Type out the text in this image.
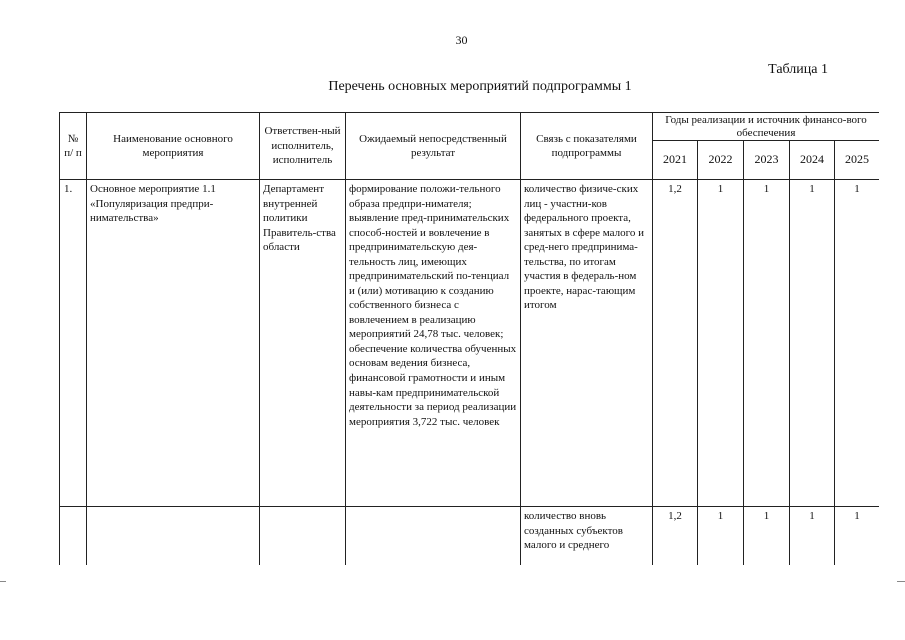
30
Таблица 1
Перечень основных мероприятий подпрограммы 1
№ п/ п	Наименование основного мероприятия	Ответствен-ный исполнитель, исполнитель	Ожидаемый непосредственный результат	Связь с показателями подпрограммы	Годы реализации и источник финансо-вого обеспечения				
					2021	2022	2023	2024	2025
1.	Основное мероприятие 1.1 «Популяризация предпри-нимательства»	Департамент внутренней политики Правитель-ства области	формирование положи-тельного образа предпри-нимателя; выявление пред-принимательских способ-ностей и вовлечение в предпринимательскую дея-тельность лиц, имеющих предпринимательский по-тенциал и (или) мотивацию к созданию собственного бизнеса с вовлечением в реализацию мероприятий 24,78 тыс. человек; обеспечение количества обученных основам ведения бизнеса, финансовой грамотности и иным навы-кам предпринимательской деятельности за период реализации мероприятия 3,722 тыс. человек	количество физиче-ских лиц - участни-ков федерального проекта, занятых в сфере малого и сред-него предпринима-тельства, по итогам участия в федераль-ном проекте, нарас-тающим итогом	1,2	1	1	1	1
				количество вновь созданных субъектов малого и среднего	1,2	1	1	1	1
